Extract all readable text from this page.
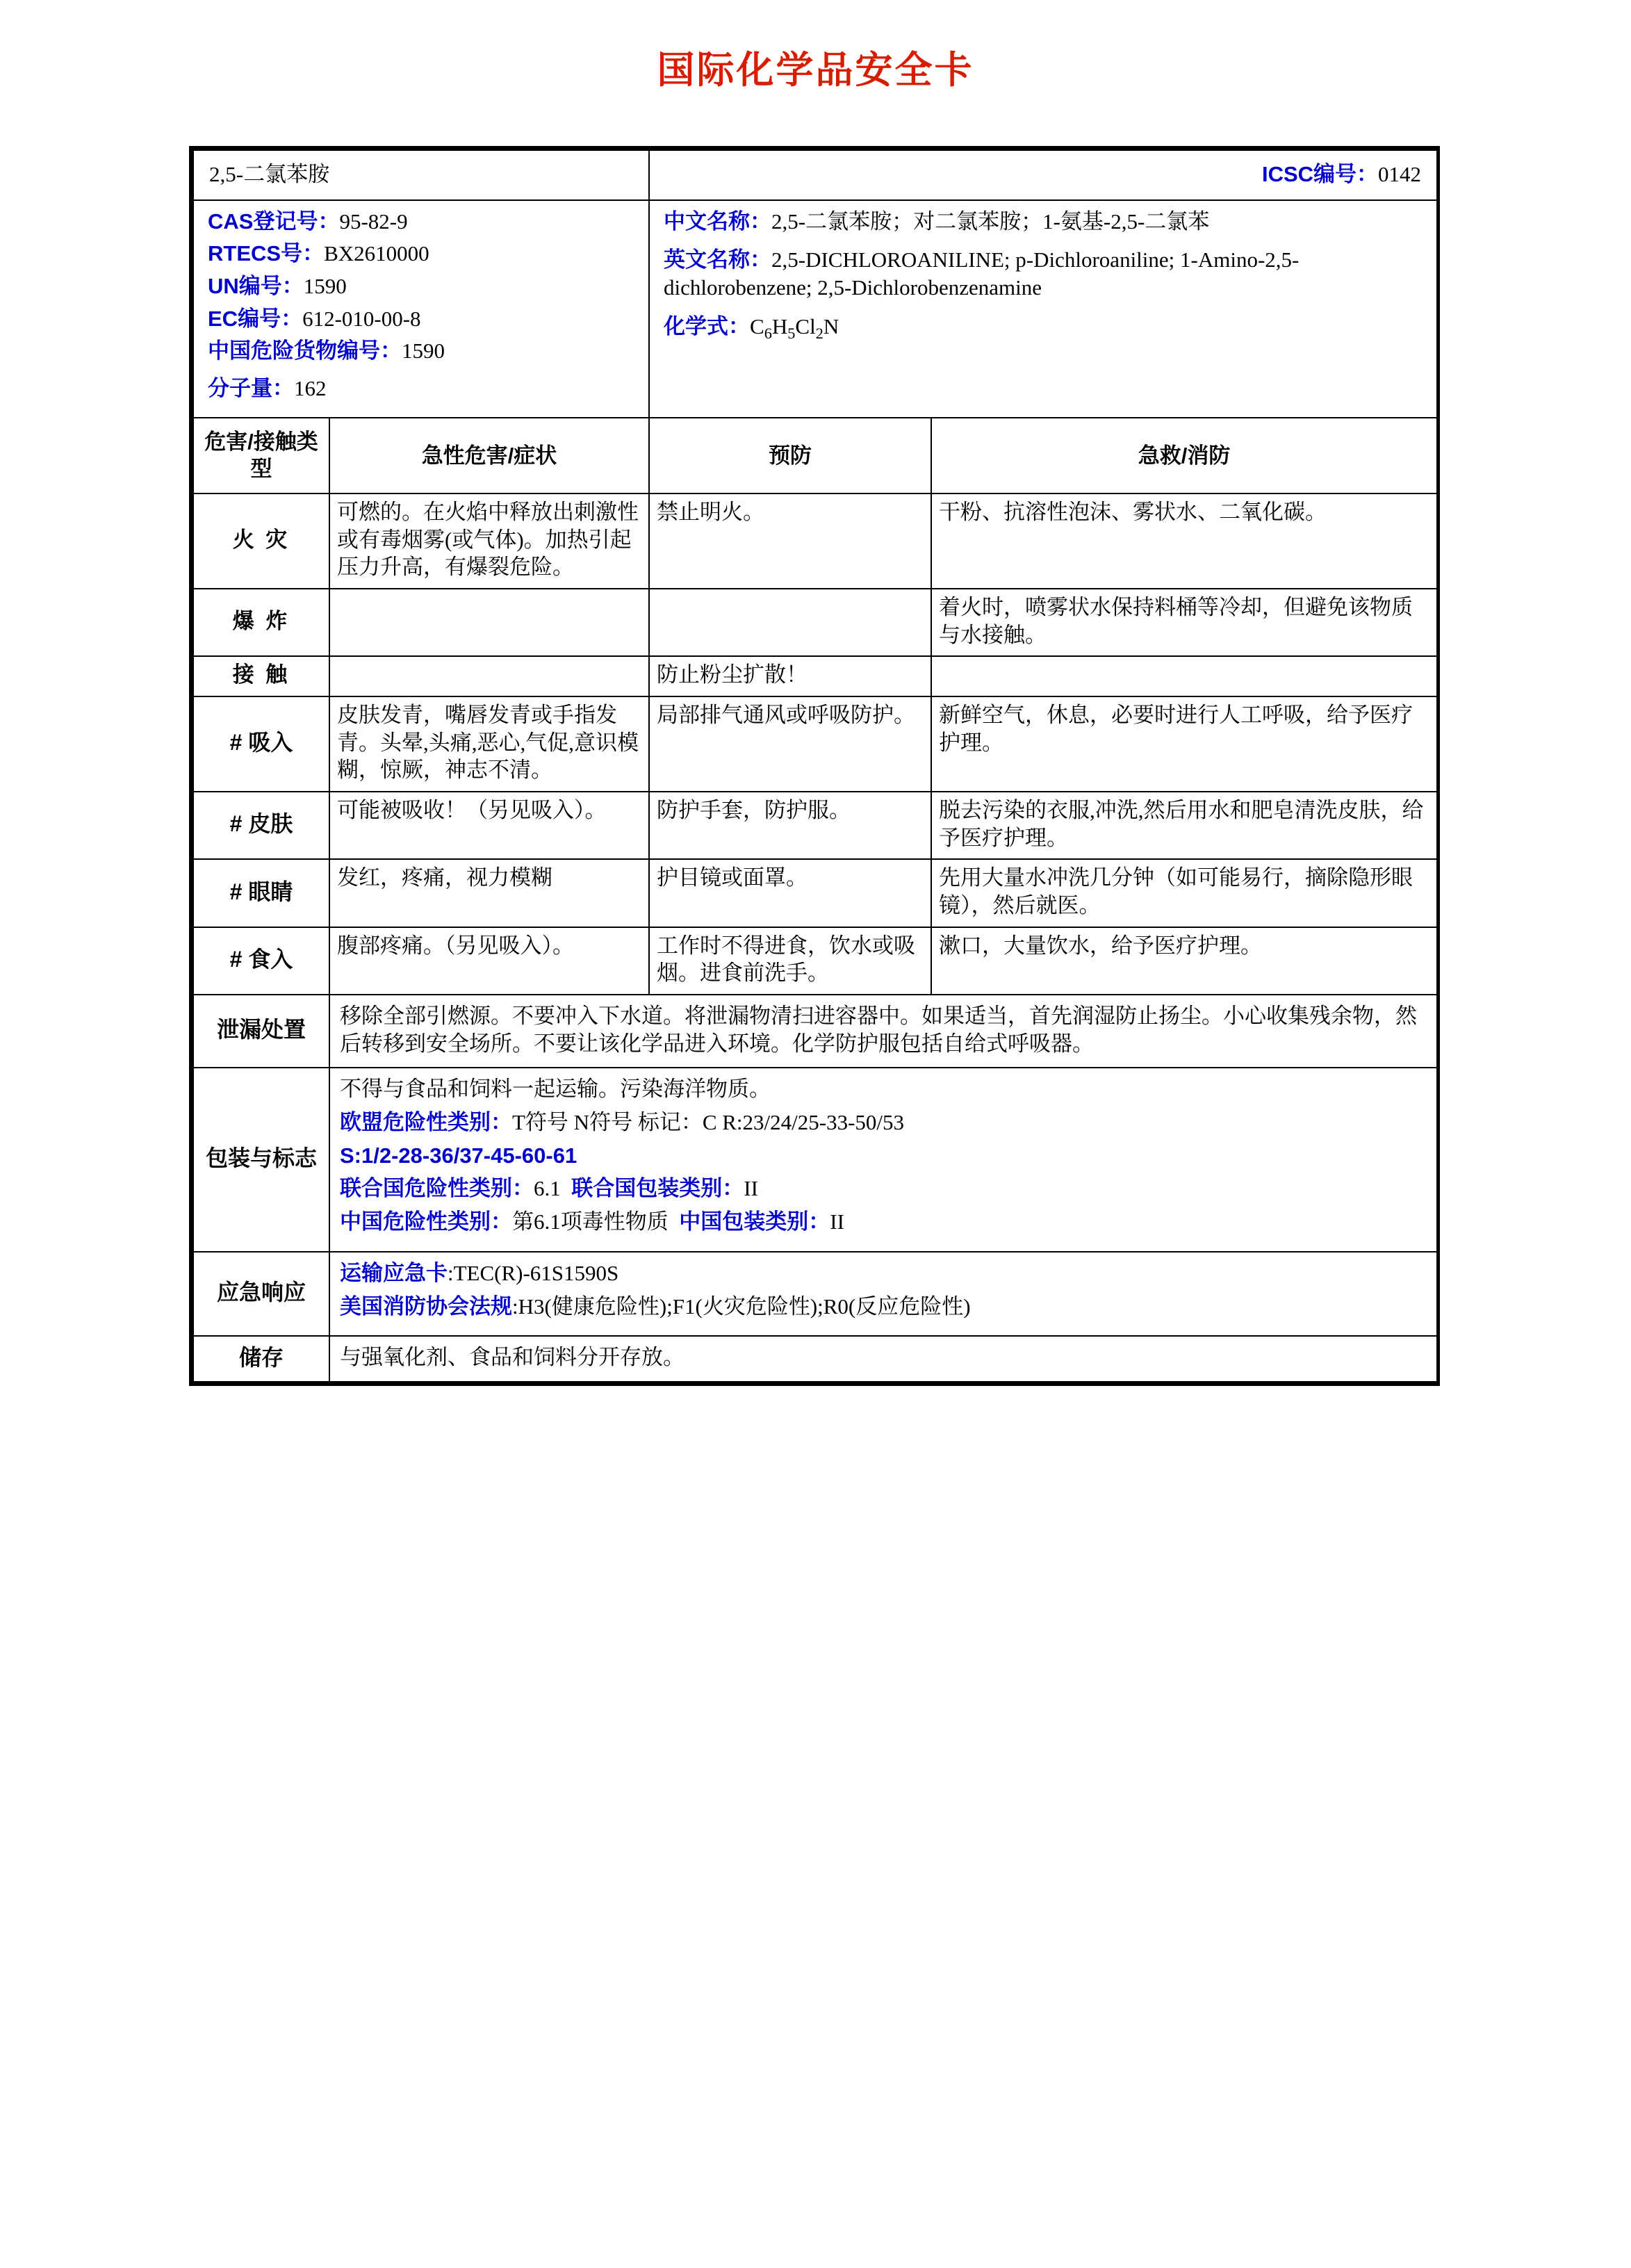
国际化学品安全卡
2,5-二氯苯胺		ICSC编号：0142	

CAS登记号：95-82-9
RTECS号：BX2610000
UN编号：1590
EC编号：612-010-00-8
中国危险货物编号：1590
分子量：162

中文名称：2,5-二氯苯胺；对二氯苯胺；1-氨基-2,5-二氯苯
英文名称：2,5-DICHLOROANILINE; p-Dichloroaniline; 1-Amino-2,5-dichlorobenzene; 2,5-Dichlorobenzenamine
化学式：$C_6H_5Cl_2N$

危害/接触类型	急性危害/症状	预防	急救/消防
火 灾	可燃的。在火焰中释放出刺激性或有毒烟雾(或气体)。加热引起压力升高，有爆裂危险。	禁止明火。	干粉、抗溶性泡沫、雾状水、二氧化碳。
爆 炸			着火时，喷雾状水保持料桶等冷却，但避免该物质与水接触。
接 触		防止粉尘扩散！	
# 吸入	皮肤发青，嘴唇发青或手指发青。头晕,头痛,恶心,气促,意识模糊，惊厥，神志不清。	局部排气通风或呼吸防护。	新鲜空气，休息，必要时进行人工呼吸，给予医疗护理。
# 皮肤	可能被吸收！（另见吸入）。	防护手套，防护服。	脱去污染的衣服,冲洗,然后用水和肥皂清洗皮肤，给予医疗护理。
# 眼睛	发红，疼痛，视力模糊	护目镜或面罩。	先用大量水冲洗几分钟（如可能易行，摘除隐形眼镜），然后就医。
# 食入	腹部疼痛。（另见吸入）。	工作时不得进食，饮水或吸烟。进食前洗手。	漱口，大量饮水，给予医疗护理。
泄漏处置	移除全部引燃源。不要冲入下水道。将泄漏物清扫进容器中。如果适当，首先润湿防止扬尘。小心收集残余物，然后转移到安全场所。不要让该化学品进入环境。化学防护服包括自给式呼吸器。		
包装与标志	不得与食品和饲料一起运输。污染海洋物质。
欧盟危险性类别：T符号 N符号 标记：C R:23/24/25-33-50/53
S:1/2-28-36/37-45-60-61
联合国危险性类别：6.1 联合国包装类别：II
中国危险性类别：第6.1项毒性物质 中国包装类别：II		

应急响应	运输应急卡:TEC(R)-61S1590S
美国消防协会法规:H3(健康危险性);F1(火灾危险性);R0(反应危险性)		

储存	与强氧化剂、食品和饲料分开存放。		
